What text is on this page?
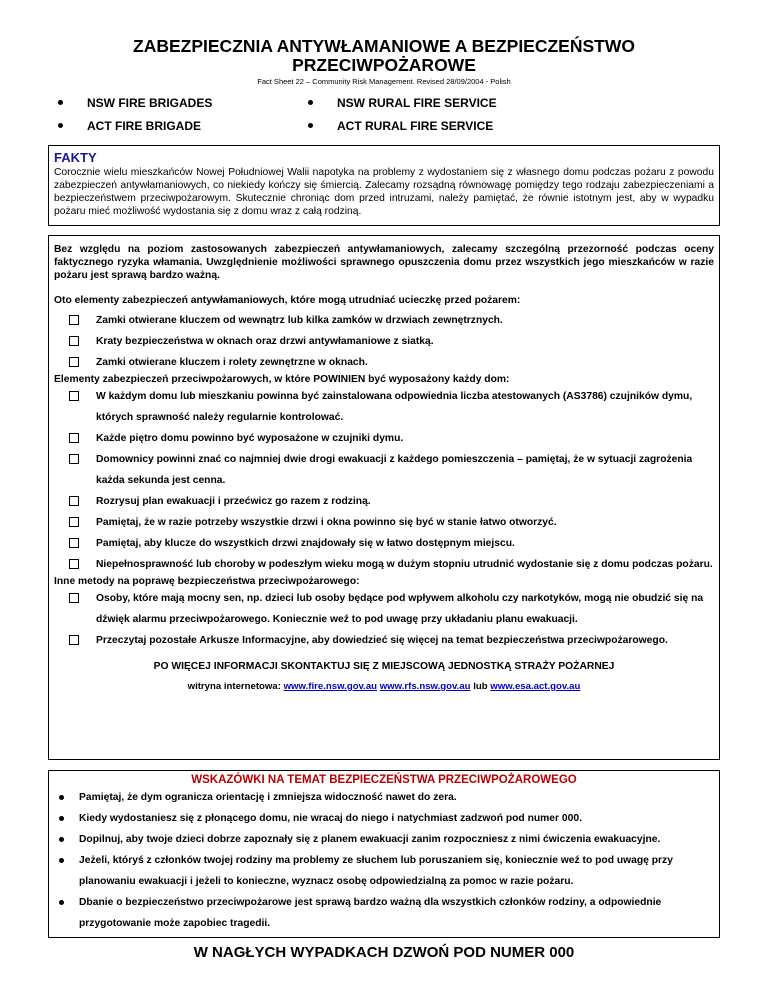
ZABEZPIECZNIA ANTYWŁAMANIOWE A BEZPIECZEŃSTWO PRZECIWPOŻAROWE
Fact Sheet 22 – Community Risk Management. Revised 28/09/2004 - Polish
NSW FIRE BRIGADES	NSW RURAL FIRE SERVICE
ACT FIRE BRIGADE	ACT RURAL FIRE SERVICE
FAKTY
Corocznie wielu mieszkańców Nowej Południowej Walii napotyka na problemy z wydostaniem się z własnego domu podczas pożaru z powodu zabezpieczeń antywłamaniowych, co niekiedy kończy się śmiercią. Zalecamy rozsądną równowagę pomiędzy tego rodzaju zabezpieczeniami a bezpieczeństwem przeciwpożarowym. Skutecznie chroniąc dom przed intruzami, należy pamiętać, że równie istotnym jest, aby w wypadku pożaru mieć możliwość wydostania się z domu wraz z całą rodziną.
Bez względu na poziom zastosowanych zabezpieczeń antywłamaniowych, zalecamy szczególną przezorność podczas oceny faktycznego ryzyka włamania. Uwzględnienie możliwości sprawnego opuszczenia domu przez wszystkich jego mieszkańców w razie pożaru jest sprawą bardzo ważną.
Oto elementy zabezpieczeń antywłamaniowych, które mogą utrudniać ucieczkę przed pożarem:
Zamki otwierane kluczem od wewnątrz lub kilka zamków w drzwiach zewnętrznych.
Kraty bezpieczeństwa w oknach oraz drzwi antywłamaniowe z siatką.
Zamki otwierane kluczem i rolety zewnętrzne w oknach.
Elementy zabezpieczeń przeciwpożarowych, w które POWINIEN być wyposażony każdy dom:
W każdym domu lub mieszkaniu powinna być zainstalowana odpowiednia liczba atestowanych (AS3786) czujników dymu, których sprawność należy regularnie kontrolować.
Każde piętro domu powinno być wyposażone w czujniki dymu.
Domownicy powinni znać co najmniej dwie drogi ewakuacji z każdego pomieszczenia – pamiętaj, że w sytuacji zagrożenia każda sekunda jest cenna.
Rozrysuj plan ewakuacji i przećwicz go razem z rodziną.
Pamiętaj, że w razie potrzeby wszystkie drzwi i okna powinno się być w stanie łatwo otworzyć.
Pamiętaj, aby klucze do wszystkich drzwi znajdowały się w łatwo dostępnym miejscu.
Niepełnosprawność lub choroby w podeszłym wieku mogą w dużym stopniu utrudnić wydostanie się z domu podczas pożaru.
Inne metody na poprawę bezpieczeństwa przeciwpożarowego:
Osoby, które mają mocny sen, np. dzieci lub osoby będące pod wpływem alkoholu czy narkotyków, mogą nie obudzić się na dźwięk alarmu przeciwpożarowego. Koniecznie weź to pod uwagę przy układaniu planu ewakuacji.
Przeczytaj pozostałe Arkusze Informacyjne, aby dowiedzieć się więcej na temat bezpieczeństwa przeciwpożarowego.
PO WIĘCEJ INFORMACJI SKONTAKTUJ SIĘ Z MIEJSCOWĄ JEDNOSTKĄ STRAŻY POŻARNEJ
witryna internetowa: www.fire.nsw.gov.au www.rfs.nsw.gov.au lub www.esa.act.gov.au
WSKAZÓWKI NA TEMAT BEZPIECZEŃSTWA PRZECIWPOŻAROWEGO
Pamiętaj, że dym ogranicza orientację i zmniejsza widoczność nawet do zera.
Kiedy wydostaniesz się z płonącego domu, nie wracaj do niego i natychmiast zadzwoń pod numer 000.
Dopilnuj, aby twoje dzieci dobrze zapoznały się z planem ewakuacji zanim rozpoczniesz z nimi ćwiczenia ewakuacyjne.
Jeżeli, któryś z członków twojej rodziny ma problemy ze słuchem lub poruszaniem się, koniecznie weź to pod uwagę przy planowaniu ewakuacji i jeżeli to konieczne, wyznacz osobę odpowiedzialną za pomoc w razie pożaru.
Dbanie o bezpieczeństwo przeciwpożarowe jest sprawą bardzo ważną dla wszystkich członków rodziny, a odpowiednie przygotowanie może zapobiec tragedii.
W NAGŁYCH WYPADKACH DZWOŃ POD NUMER 000
